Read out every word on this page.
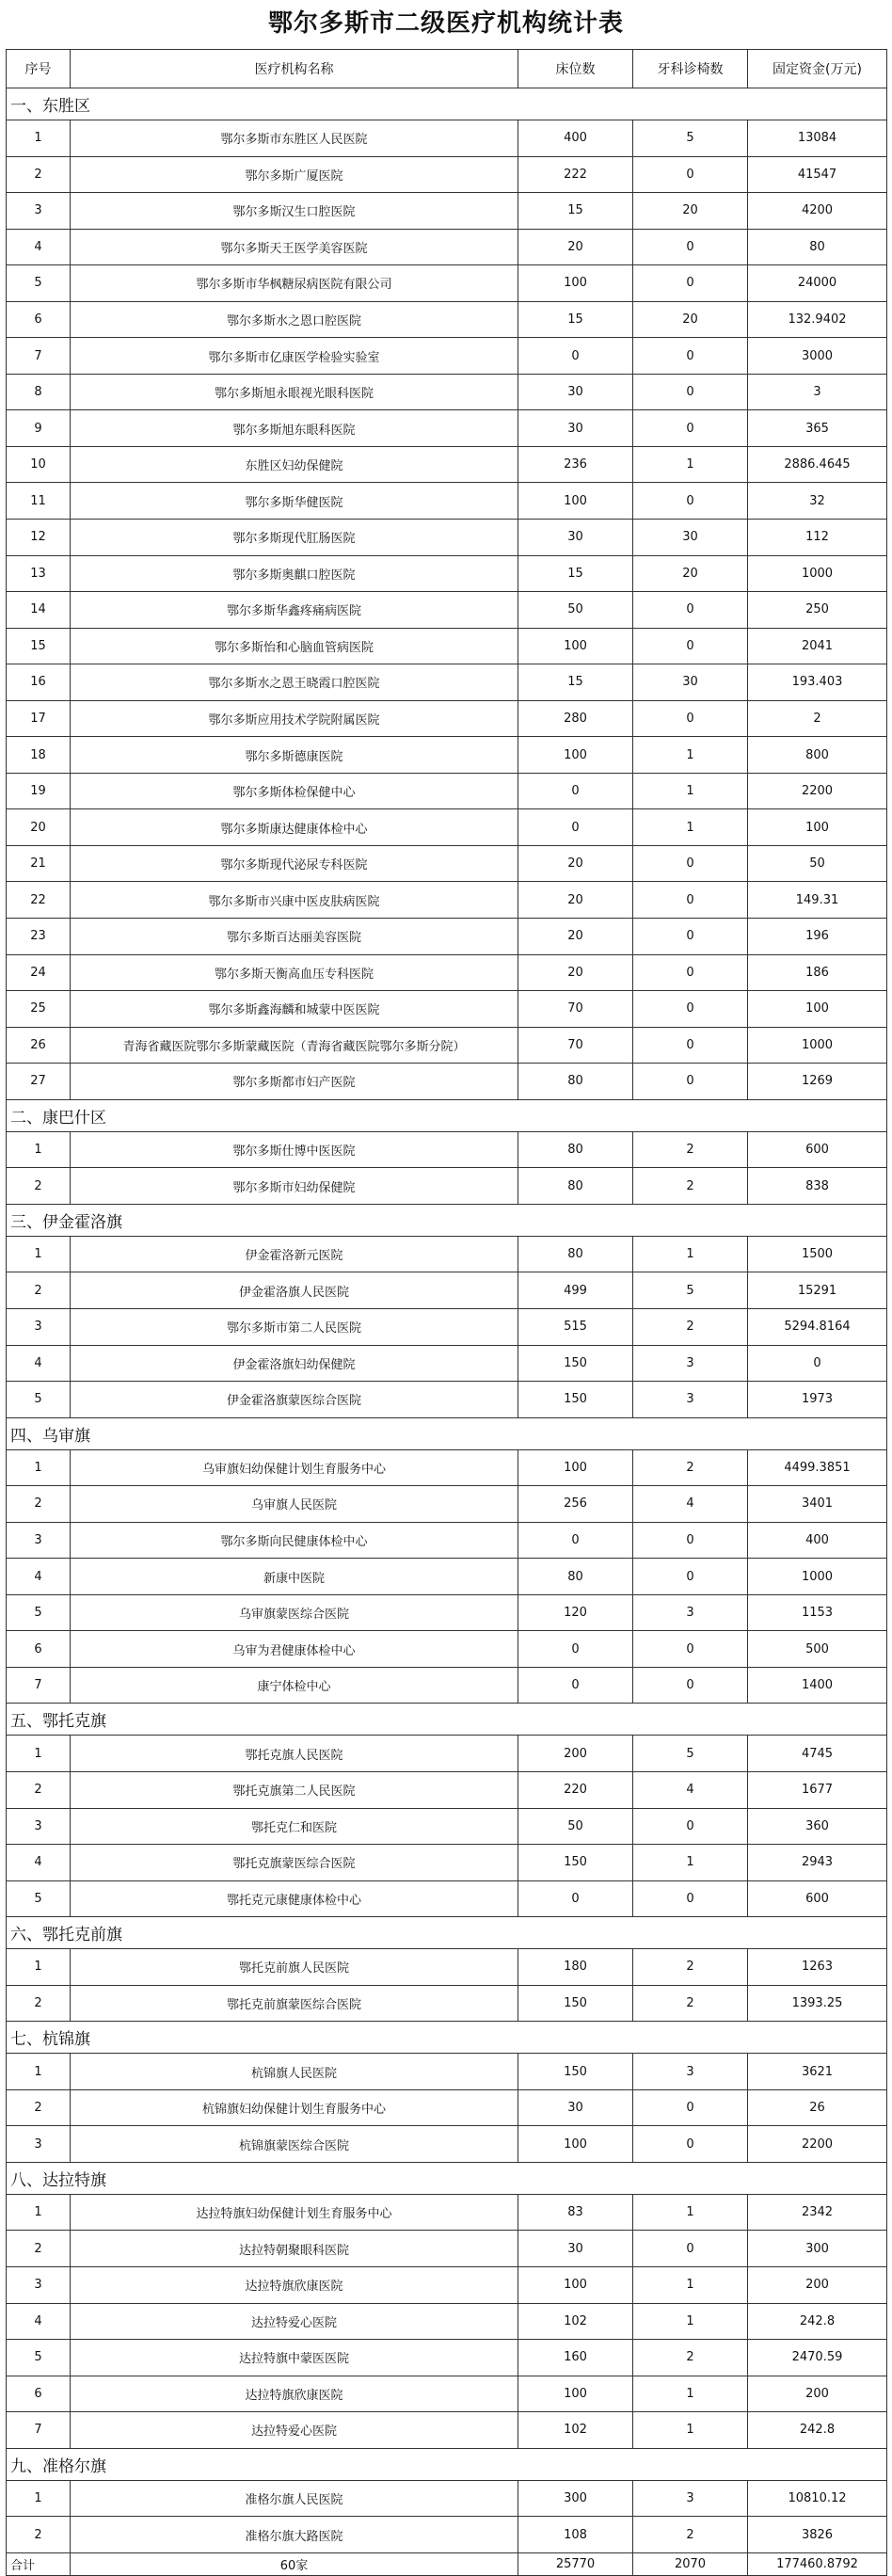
鄂尔多斯市二级医疗机构统计表
序号	医疗机构名称	床位数	牙科诊椅数	固定资金(万元)
一、东胜区				
1	鄂尔多斯市东胜区人民医院	400	5	13084
2	鄂尔多斯广厦医院	222	0	41547
3	鄂尔多斯汉生口腔医院	15	20	4200
4	鄂尔多斯天王医学美容医院	20	0	80
5	鄂尔多斯市华枫糖尿病医院有限公司	100	0	24000
6	鄂尔多斯水之恩口腔医院	15	20	132.9402
7	鄂尔多斯市亿康医学检验实验室	0	0	3000
8	鄂尔多斯旭永眼视光眼科医院	30	0	3
9	鄂尔多斯旭东眼科医院	30	0	365
10	东胜区妇幼保健院	236	1	2886.4645
11	鄂尔多斯华健医院	100	0	32
12	鄂尔多斯现代肛肠医院	30	30	112
13	鄂尔多斯奥麒口腔医院	15	20	1000
14	鄂尔多斯华鑫疼痛病医院	50	0	250
15	鄂尔多斯怡和心脑血管病医院	100	0	2041
16	鄂尔多斯水之恩王晓霞口腔医院	15	30	193.403
17	鄂尔多斯应用技术学院附属医院	280	0	2
18	鄂尔多斯德康医院	100	1	800
19	鄂尔多斯体检保健中心	0	1	2200
20	鄂尔多斯康达健康体检中心	0	1	100
21	鄂尔多斯现代泌尿专科医院	20	0	50
22	鄂尔多斯市兴康中医皮肤病医院	20	0	149.31
23	鄂尔多斯百达丽美容医院	20	0	196
24	鄂尔多斯天衡高血压专科医院	20	0	186
25	鄂尔多斯鑫海麟和城蒙中医医院	70	0	100
26	青海省藏医院鄂尔多斯蒙藏医院（青海省藏医院鄂尔多斯分院）	70	0	1000
27	鄂尔多斯都市妇产医院	80	0	1269
二、康巴什区				
1	鄂尔多斯仕博中医医院	80	2	600
2	鄂尔多斯市妇幼保健院	80	2	838
三、伊金霍洛旗				
1	伊金霍洛新元医院	80	1	1500
2	伊金霍洛旗人民医院	499	5	15291
3	鄂尔多斯市第二人民医院	515	2	5294.8164
4	伊金霍洛旗妇幼保健院	150	3	0
5	伊金霍洛旗蒙医综合医院	150	3	1973
四、乌审旗				
1	乌审旗妇幼保健计划生育服务中心	100	2	4499.3851
2	乌审旗人民医院	256	4	3401
3	鄂尔多斯向民健康体检中心	0	0	400
4	新康中医院	80	0	1000
5	乌审旗蒙医综合医院	120	3	1153
6	乌审为君健康体检中心	0	0	500
7	康宁体检中心	0	0	1400
五、鄂托克旗				
1	鄂托克旗人民医院	200	5	4745
2	鄂托克旗第二人民医院	220	4	1677
3	鄂托克仁和医院	50	0	360
4	鄂托克旗蒙医综合医院	150	1	2943
5	鄂托克元康健康体检中心	0	0	600
六、鄂托克前旗				
1	鄂托克前旗人民医院	180	2	1263
2	鄂托克前旗蒙医综合医院	150	2	1393.25
七、杭锦旗				
1	杭锦旗人民医院	150	3	3621
2	杭锦旗妇幼保健计划生育服务中心	30	0	26
3	杭锦旗蒙医综合医院	100	0	2200
八、达拉特旗				
1	达拉特旗妇幼保健计划生育服务中心	83	1	2342
2	达拉特朝聚眼科医院	30	0	300
3	达拉特旗欣康医院	100	1	200
4	达拉特爱心医院	102	1	242.8
5	达拉特旗中蒙医医院	160	2	2470.59
6	达拉特旗欣康医院	100	1	200
7	达拉特爱心医院	102	1	242.8
九、准格尔旗				
1	准格尔旗人民医院	300	3	10810.12
2	准格尔旗大路医院	108	2	3826
合计	60家	25770	2070	177460.8792
